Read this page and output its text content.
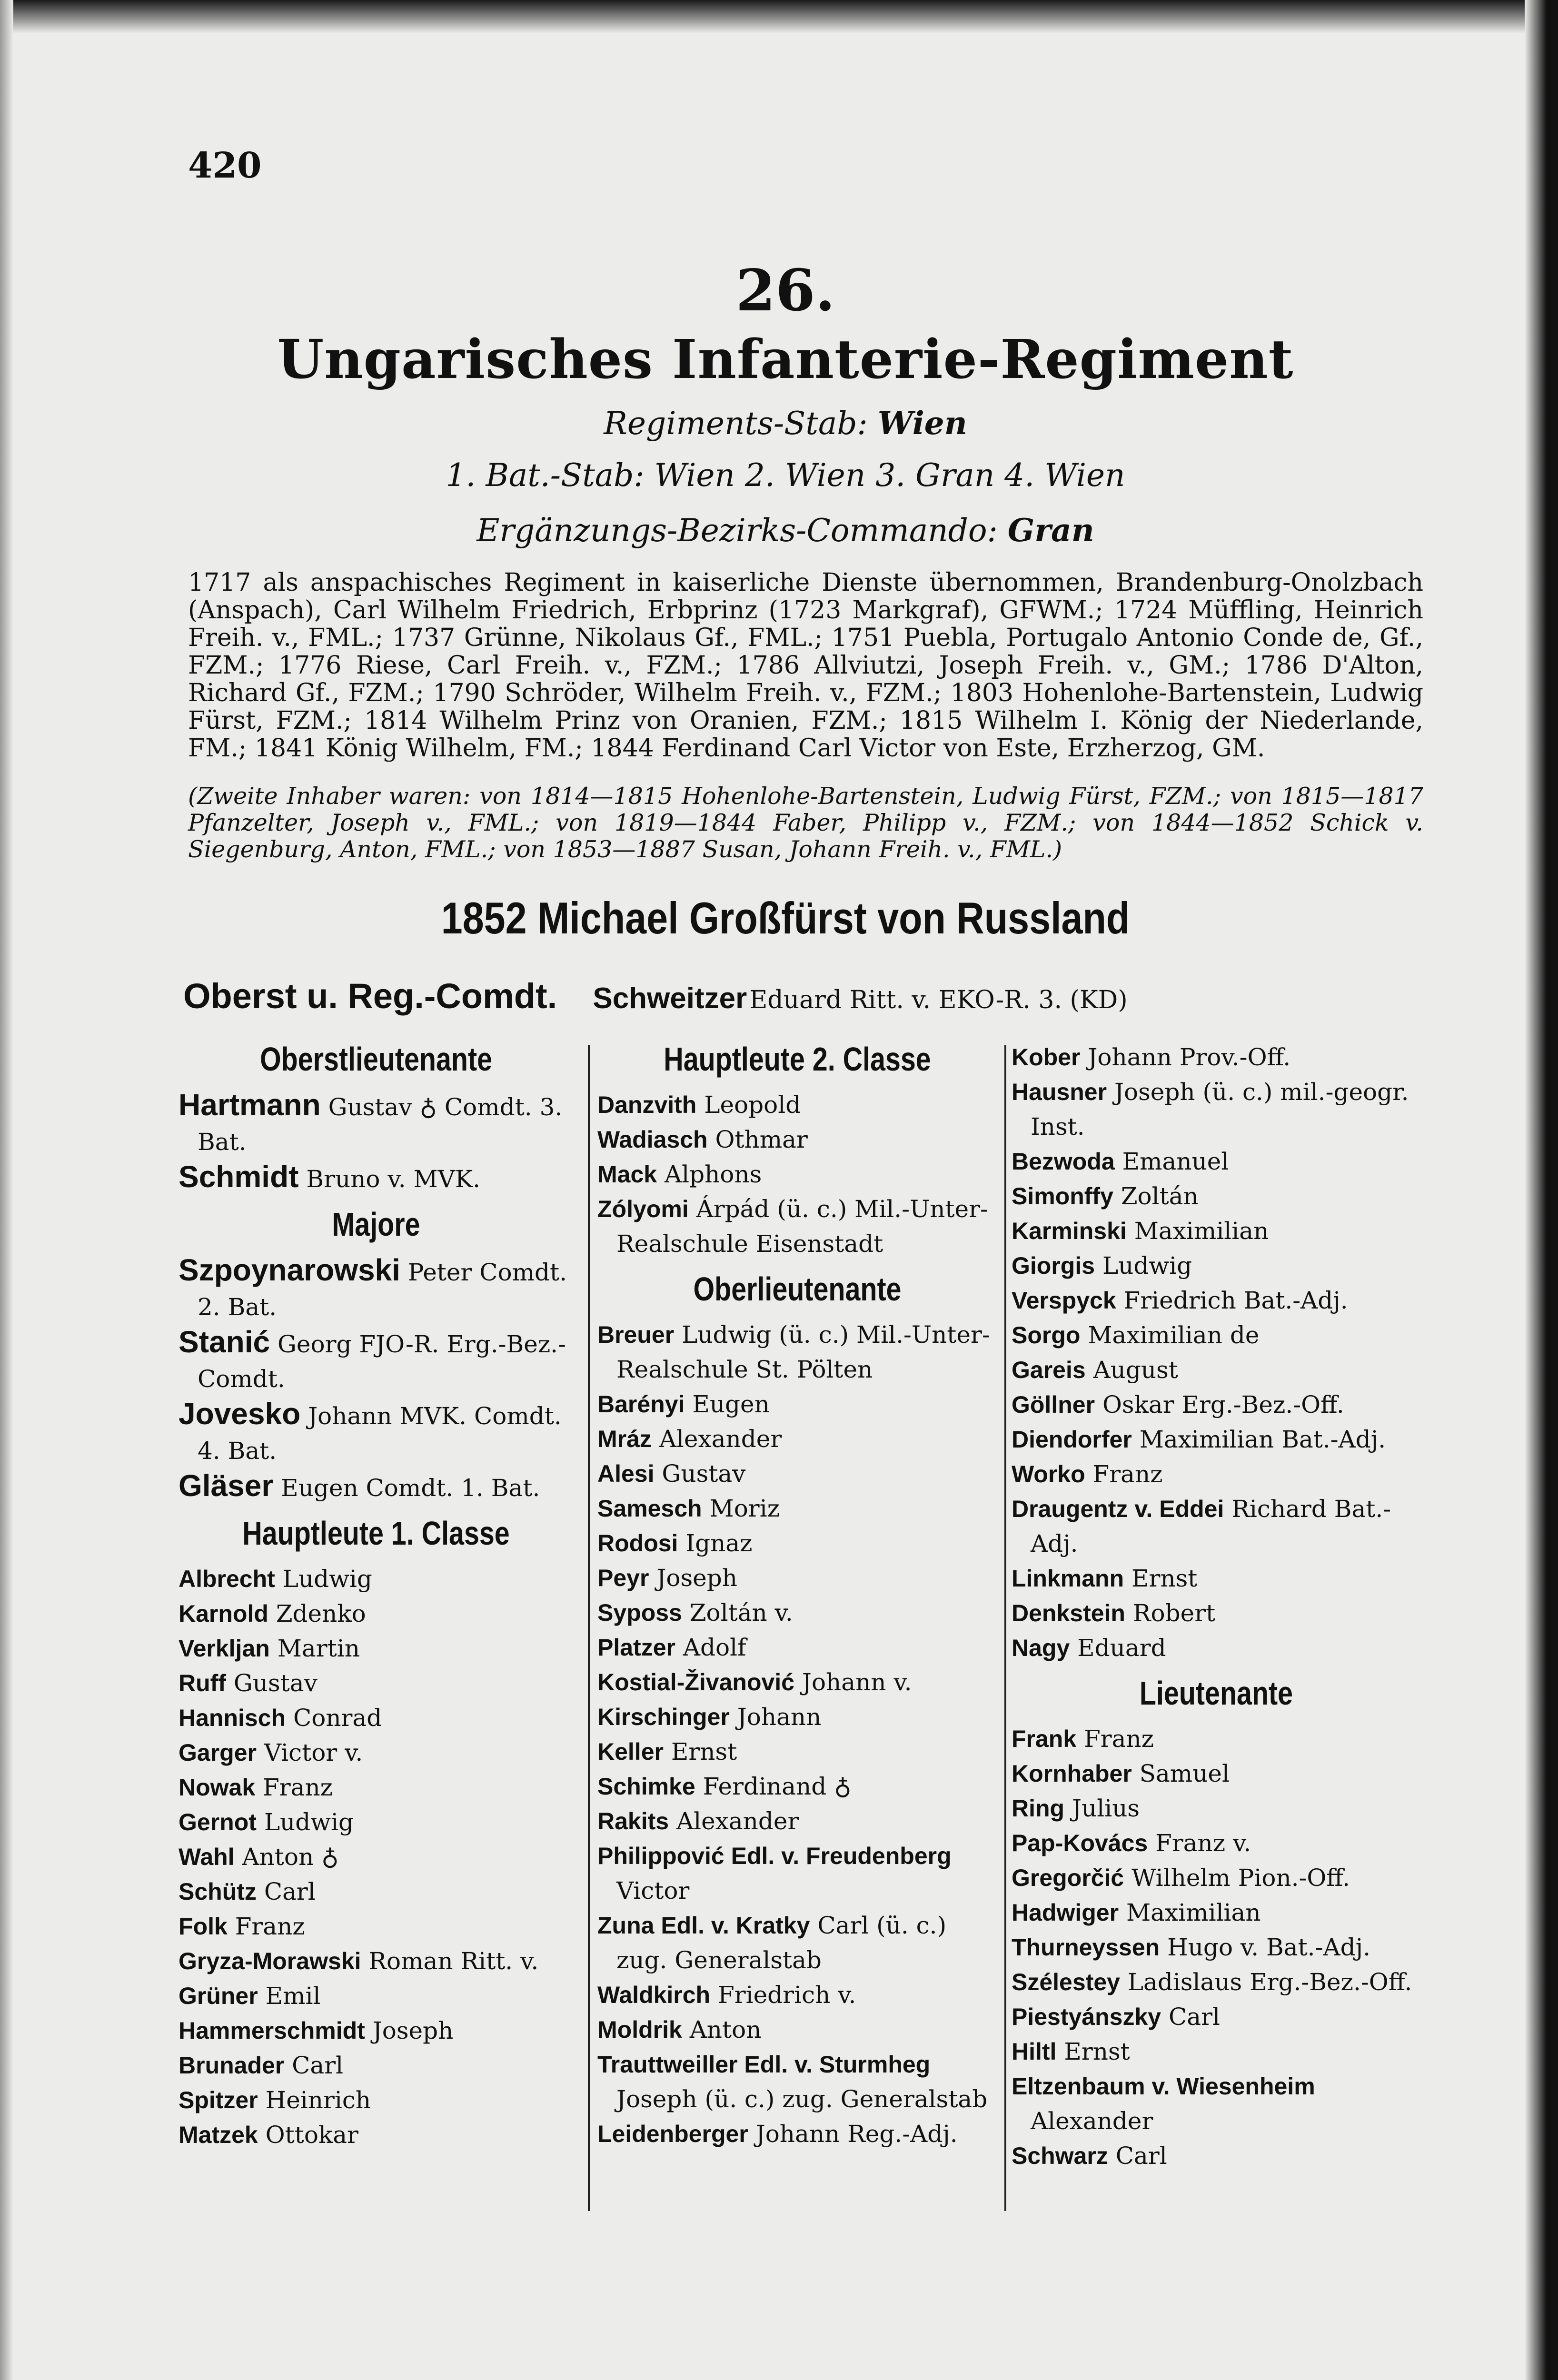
420
26.
Ungarisches Infanterie-Regiment
Regiments-Stab: Wien
1. Bat.-Stab: Wien 2. Wien 3. Gran 4. Wien
Ergänzungs-Bezirks-Commando: Gran
1717 als anspachisches Regiment in kaiserliche Dienste übernommen, Brandenburg-Onolzbach (Anspach), Carl Wilhelm Friedrich, Erbprinz (1723 Markgraf), GFWM.; 1724 Müffling, Heinrich Freih. v., FML.; 1737 Grünne, Nikolaus Gf., FML.; 1751 Puebla, Portugalo Antonio Conde de, Gf., FZM.; 1776 Riese, Carl Freih. v., FZM.; 1786 Allviutzi, Joseph Freih. v., GM.; 1786 D'Alton, Richard Gf., FZM.; 1790 Schröder, Wilhelm Freih. v., FZM.; 1803 Hohenlohe-Bartenstein, Ludwig Fürst, FZM.; 1814 Wilhelm Prinz von Oranien, FZM.; 1815 Wilhelm I. König der Niederlande, FM.; 1841 König Wilhelm, FM.; 1844 Ferdinand Carl Victor von Este, Erzherzog, GM.
(Zweite Inhaber waren: von 1814—1815 Hohenlohe-Bartenstein, Ludwig Fürst, FZM.; von 1815—1817 Pfanzelter, Joseph v., FML.; von 1819—1844 Faber, Philipp v., FZM.; von 1844—1852 Schick v. Siegenburg, Anton, FML.; von 1853—1887 Susan, Johann Freih. v., FML.)
1852 Michael Großfürst von Russland
Oberst u. Reg.-Comdt. Schweitzer Eduard Ritt. v. EKO-R. 3. (KD)
Oberstlieutenante
Hartmann Gustav ♁ Comdt. 3. Bat.
Schmidt Bruno v. MVK.
Majore
Szpoynarowski Peter Comdt. 2. Bat.
Stanić Georg FJO-R. Erg.-Bez.-Comdt.
Jovesko Johann MVK. Comdt. 4. Bat.
Gläser Eugen Comdt. 1. Bat.
Hauptleute 1. Classe
Albrecht Ludwig
Karnold Zdenko
Verkljan Martin
Ruff Gustav
Hannisch Conrad
Garger Victor v.
Nowak Franz
Gernot Ludwig
Wahl Anton ♁
Schütz Carl
Folk Franz
Gryza-Morawski Roman Ritt. v.
Grüner Emil
Hammerschmidt Joseph
Brunader Carl
Spitzer Heinrich
Matzek Ottokar
Hauptleute 2. Classe
Danzvith Leopold
Wadiasch Othmar
Mack Alphons
Zólyomi Árpád (ü. c.) Mil.-Unter-Realschule Eisenstadt
Oberlieutenante
Breuer Ludwig (ü. c.) Mil.-Unter-Realschule St. Pölten
Barényi Eugen
Mráz Alexander
Alesi Gustav
Samesch Moriz
Rodosi Ignaz
Peyr Joseph
Syposs Zoltán v.
Platzer Adolf
Kostial-Živanović Johann v.
Kirschinger Johann
Keller Ernst
Schimke Ferdinand ♁
Rakits Alexander
Philippović Edl. v. Freudenberg Victor
Zuna Edl. v. Kratky Carl (ü. c.) zug. Generalstab
Waldkirch Friedrich v.
Moldrik Anton
Trauttweiller Edl. v. Sturmheg Joseph (ü. c.) zug. Generalstab
Leidenberger Johann Reg.-Adj.
Kober Johann Prov.-Off.
Hausner Joseph (ü. c.) mil.-geogr. Inst.
Bezwoda Emanuel
Simonffy Zoltán
Karminski Maximilian
Giorgis Ludwig
Verspyck Friedrich Bat.-Adj.
Sorgo Maximilian de
Gareis August
Göllner Oskar Erg.-Bez.-Off.
Diendorfer Maximilian Bat.-Adj.
Worko Franz
Draugentz v. Eddei Richard Bat.-Adj.
Linkmann Ernst
Denkstein Robert
Nagy Eduard
Lieutenante
Frank Franz
Kornhaber Samuel
Ring Julius
Pap-Kovács Franz v.
Gregorčić Wilhelm Pion.-Off.
Hadwiger Maximilian
Thurneyssen Hugo v. Bat.-Adj.
Szélestey Ladislaus Erg.-Bez.-Off.
Piestyánszky Carl
Hiltl Ernst
Eltzenbaum v. Wiesenheim Alexander
Schwarz Carl
